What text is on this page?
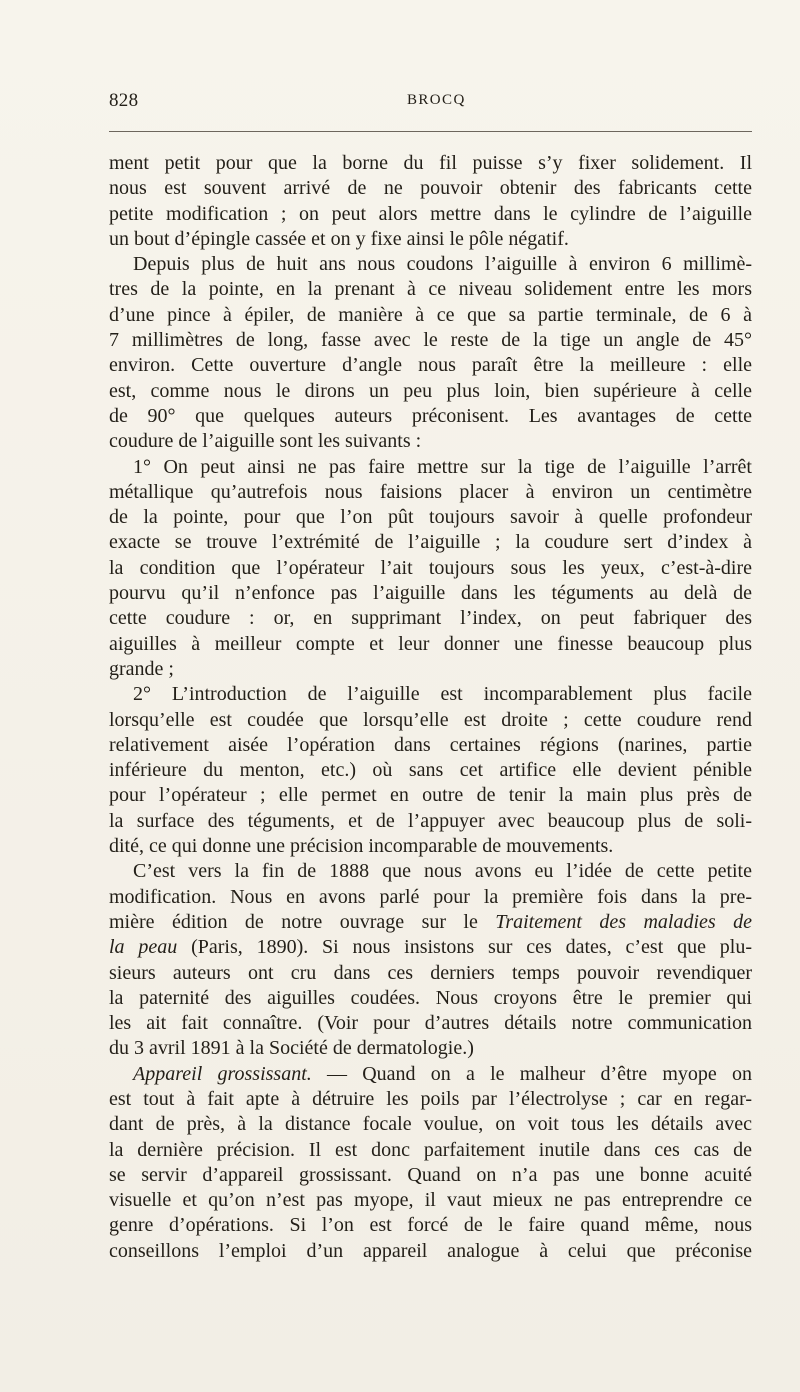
828	BROCQ
ment petit pour que la borne du fil puisse s’y fixer solidement. Il
nous est souvent arrivé de ne pouvoir obtenir des fabricants cette
petite modification ; on peut alors mettre dans le cylindre de l’aiguille
un bout d’épingle cassée et on y fixe ainsi le pôle négatif.
Depuis plus de huit ans nous coudons l’aiguille à environ 6 millimè-
tres de la pointe, en la prenant à ce niveau solidement entre les mors
d’une pince à épiler, de manière à ce que sa partie terminale, de 6 à
7 millimètres de long, fasse avec le reste de la tige un angle de 45°
environ. Cette ouverture d’angle nous paraît être la meilleure : elle
est, comme nous le dirons un peu plus loin, bien supérieure à celle
de 90° que quelques auteurs préconisent. Les avantages de cette
coudure de l’aiguille sont les suivants :
1° On peut ainsi ne pas faire mettre sur la tige de l’aiguille l’arrêt
métallique qu’autrefois nous faisions placer à environ un centimètre
de la pointe, pour que l’on pût toujours savoir à quelle profondeur
exacte se trouve l’extrémité de l’aiguille ; la coudure sert d’index à
la condition que l’opérateur l’ait toujours sous les yeux, c’est-à-dire
pourvu qu’il n’enfonce pas l’aiguille dans les téguments au delà de
cette coudure : or, en supprimant l’index, on peut fabriquer des
aiguilles à meilleur compte et leur donner une finesse beaucoup plus
grande ;
2° L’introduction de l’aiguille est incomparablement plus facile
lorsqu’elle est coudée que lorsqu’elle est droite ; cette coudure rend
relativement aisée l’opération dans certaines régions (narines, partie
inférieure du menton, etc.) où sans cet artifice elle devient pénible
pour l’opérateur ; elle permet en outre de tenir la main plus près de
la surface des téguments, et de l’appuyer avec beaucoup plus de soli-
dité, ce qui donne une précision incomparable de mouvements.
C’est vers la fin de 1888 que nous avons eu l’idée de cette petite
modification. Nous en avons parlé pour la première fois dans la pre-
mière édition de notre ouvrage sur le Traitement des maladies de
la peau (Paris, 1890). Si nous insistons sur ces dates, c’est que plu-
sieurs auteurs ont cru dans ces derniers temps pouvoir revendiquer
la paternité des aiguilles coudées. Nous croyons être le premier qui
les ait fait connaître. (Voir pour d’autres détails notre communication
du 3 avril 1891 à la Société de dermatologie.)
Appareil grossissant. — Quand on a le malheur d’être myope on
est tout à fait apte à détruire les poils par l’électrolyse ; car en regar-
dant de près, à la distance focale voulue, on voit tous les détails avec
la dernière précision. Il est donc parfaitement inutile dans ces cas de
se servir d’appareil grossissant. Quand on n’a pas une bonne acuité
visuelle et qu’on n’est pas myope, il vaut mieux ne pas entreprendre ce
genre d’opérations. Si l’on est forcé de le faire quand même, nous
conseillons l’emploi d’un appareil analogue à celui que préconise
